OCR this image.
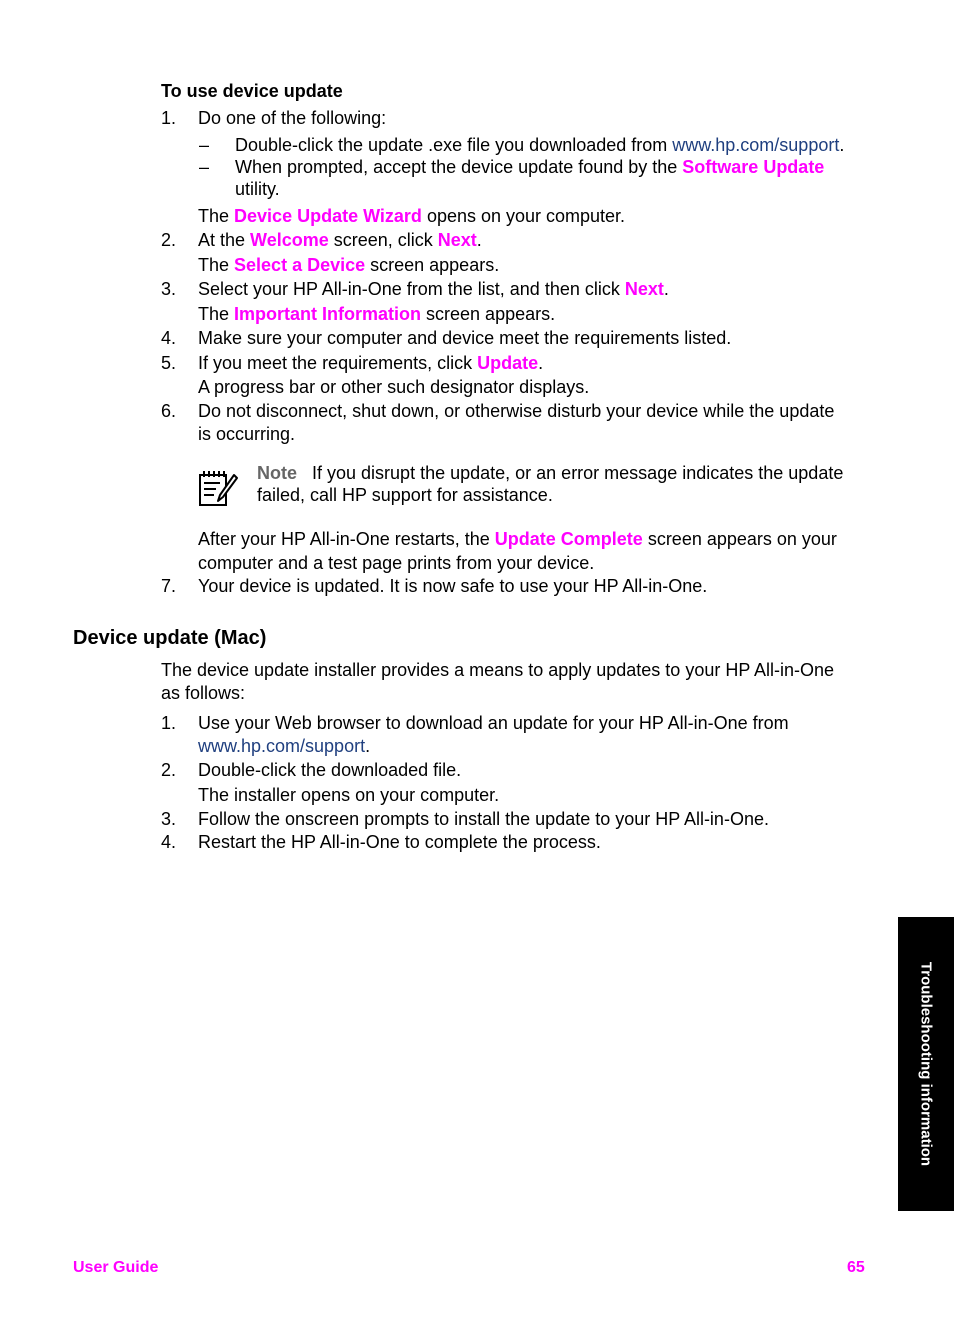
To use device update
1. Do one of the following:
– Double-click the update .exe file you downloaded from www.hp.com/support.
– When prompted, accept the device update found by the Software Update
utility.
The Device Update Wizard opens on your computer.
2. At the Welcome screen, click Next.
The Select a Device screen appears.
3. Select your HP All-in-One from the list, and then click Next.
The Important Information screen appears.
4. Make sure your computer and device meet the requirements listed.
5. If you meet the requirements, click Update.
A progress bar or other such designator displays.
6. Do not disconnect, shut down, or otherwise disturb your device while the update
is occurring.
Note If you disrupt the update, or an error message indicates the update
failed, call HP support for assistance.
After your HP All-in-One restarts, the Update Complete screen appears on your
computer and a test page prints from your device.
7. Your device is updated. It is now safe to use your HP All-in-One.
Device update (Mac)
The device update installer provides a means to apply updates to your HP All-in-One
as follows:
1. Use your Web browser to download an update for your HP All-in-One from
www.hp.com/support.
2. Double-click the downloaded file.
The installer opens on your computer.
3. Follow the onscreen prompts to install the update to your HP All-in-One.
4. Restart the HP All-in-One to complete the process.
Troubleshooting information
User Guide	65
